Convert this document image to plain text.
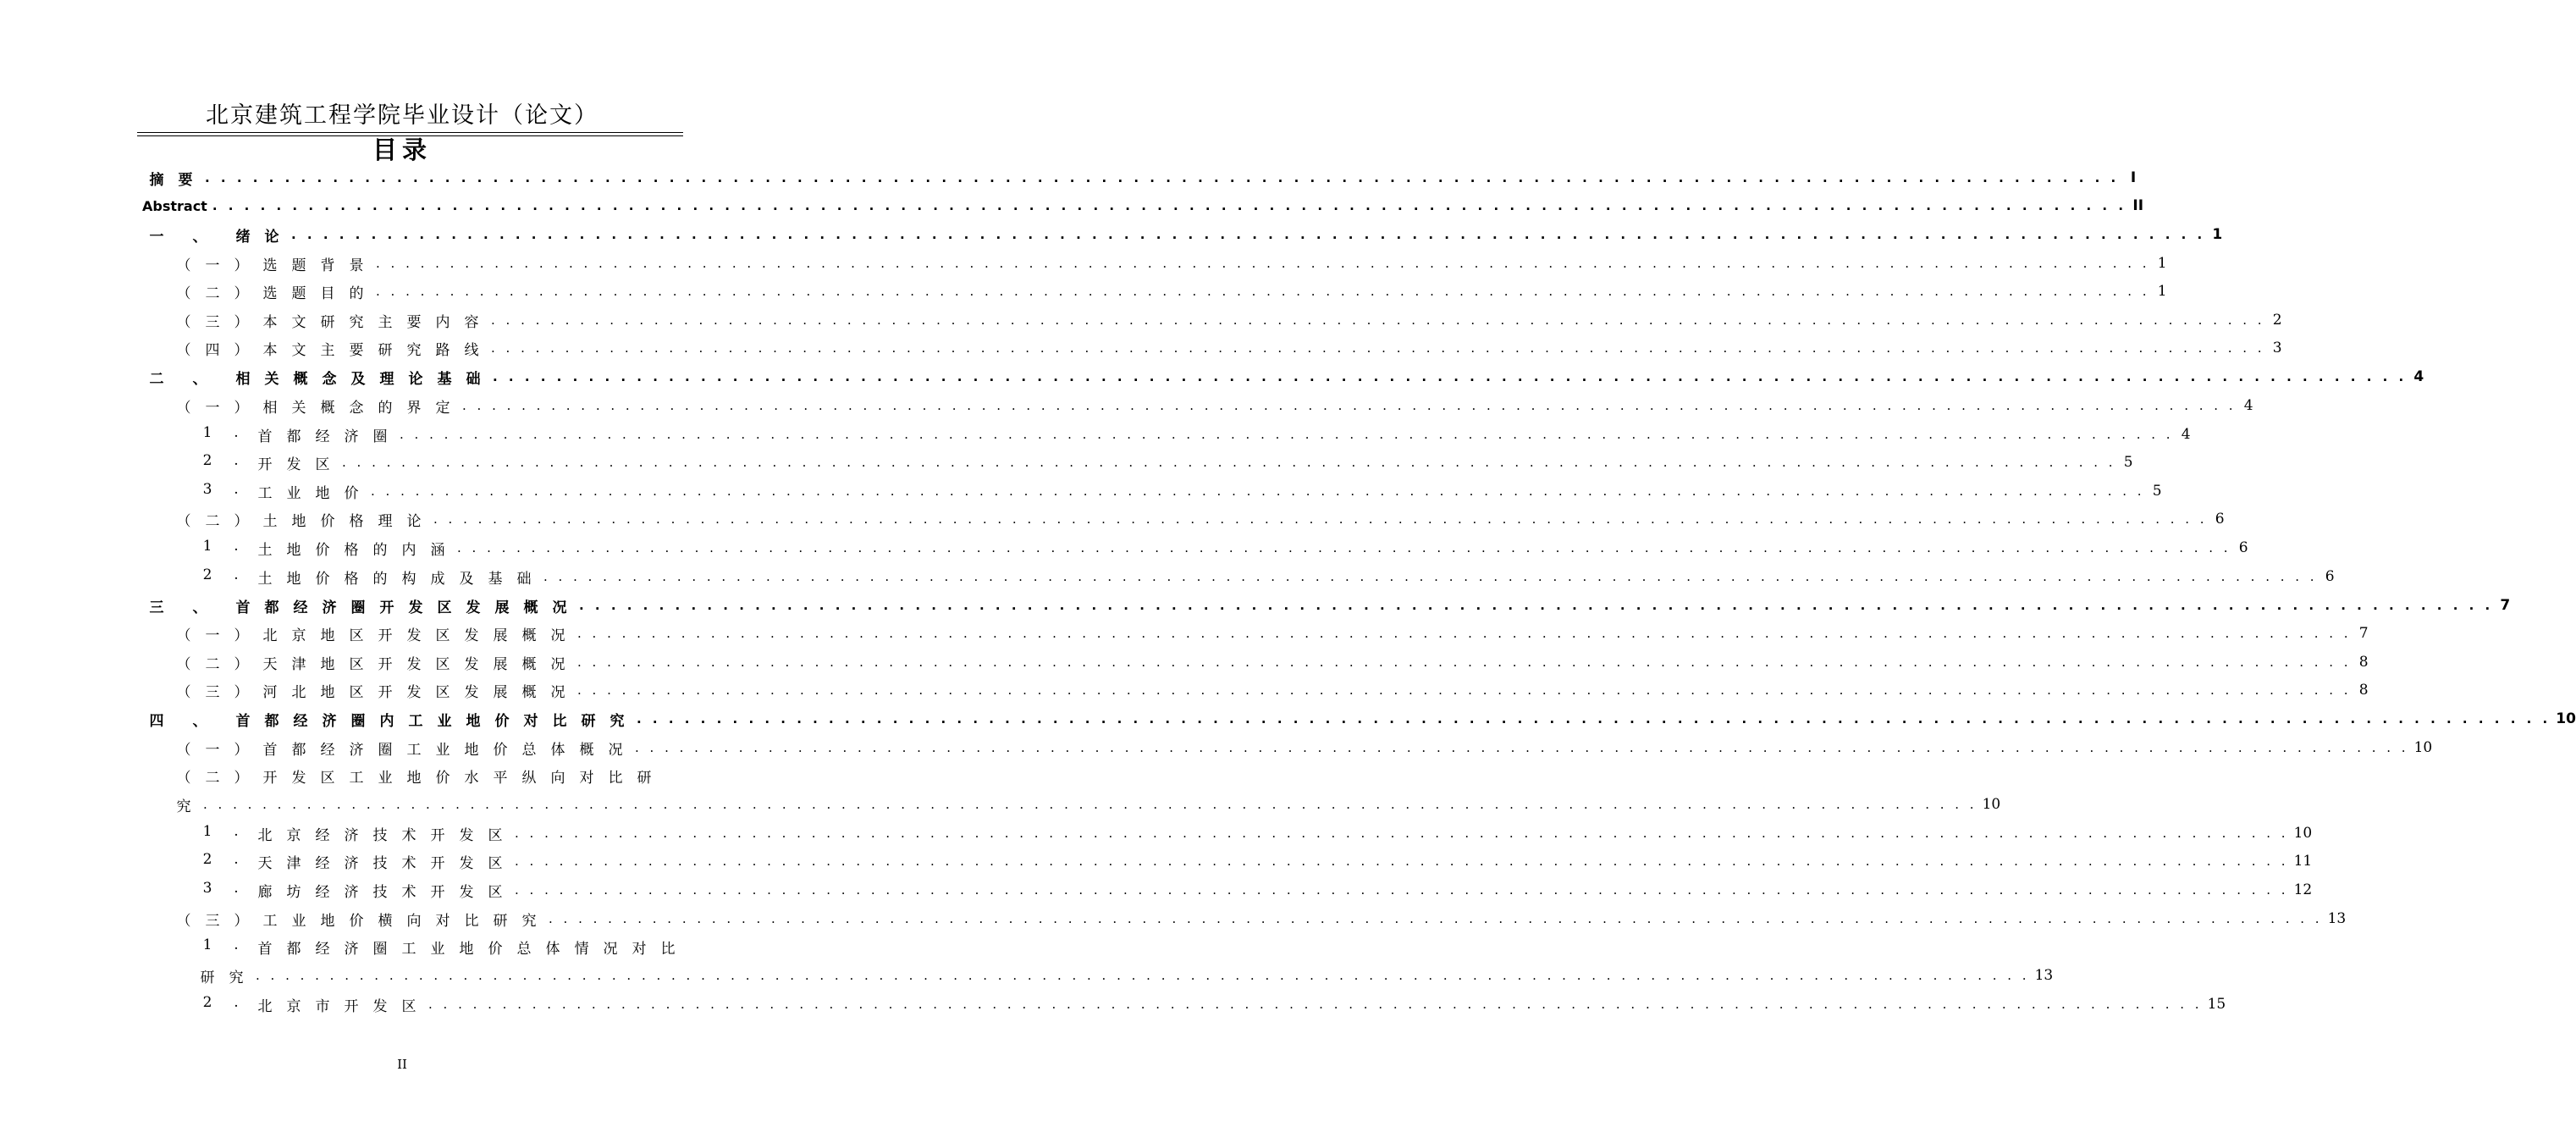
北京建筑工程学院毕业设计（论文）
目录
摘	要 . . . . . . . . . . . . . . . . . . . . . . . . . . . . . . . . . . . . . . . . . . . . . . . . . . . . . . . . . . . . . . . . . . . . . . . . . . . . . . . . . . . . . . . . . . . . . . . . . . . . . . . . . . . . . . . . . . . . . . . . I
Abstract . . . . . . . . . . . . . . . . . . . . . . . . . . . . . . . . . . . . . . . . . . . . . . . . . . . . . . . . . . . . . . . . . . . . . . . . . . . . . . . . . . . . . . . . . . . . . . . . . . . . . . . . . . . . . . . . . . . . . . . . II
一	、	绪	论 . . . . . . . . . . . . . . . . . . . . . . . . . . . . . . . . . . . . . . . . . . . . . . . . . . . . . . . . . . . . . . . . . . . . . . . . . . . . . . . . . . . . . . . . . . . . . . . . . . . . . . . . . . . . . . . . . . . . . . . . 1
（	一	）	选	题	背	景 . . . . . . . . . . . . . . . . . . . . . . . . . . . . . . . . . . . . . . . . . . . . . . . . . . . . . . . . . . . . . . . . . . . . . . . . . . . . . . . . . . . . . . . . . . . . . . . . . . . . . . . . . . . . . . . . . . . . . . . . 1
（	二	）	选	题	目	的 . . . . . . . . . . . . . . . . . . . . . . . . . . . . . . . . . . . . . . . . . . . . . . . . . . . . . . . . . . . . . . . . . . . . . . . . . . . . . . . . . . . . . . . . . . . . . . . . . . . . . . . . . . . . . . . . . . . . . . . . 1
（	三	）	本	文	研	究	主	要	内	容 . . . . . . . . . . . . . . . . . . . . . . . . . . . . . . . . . . . . . . . . . . . . . . . . . . . . . . . . . . . . . . . . . . . . . . . . . . . . . . . . . . . . . . . . . . . . . . . . . . . . . . . . . . . . . . . . . . . . . . . . 2
（	四	）	本	文	主	要	研	究	路	线 . . . . . . . . . . . . . . . . . . . . . . . . . . . . . . . . . . . . . . . . . . . . . . . . . . . . . . . . . . . . . . . . . . . . . . . . . . . . . . . . . . . . . . . . . . . . . . . . . . . . . . . . . . . . . . . . . . . . . . . . 3
二	、	相	关	概	念	及	理	论	基	础 . . . . . . . . . . . . . . . . . . . . . . . . . . . . . . . . . . . . . . . . . . . . . . . . . . . . . . . . . . . . . . . . . . . . . . . . . . . . . . . . . . . . . . . . . . . . . . . . . . . . . . . . . . . . . . . . . . . . . . . . 4
（	一	）	相	关	概	念	的	界	定 . . . . . . . . . . . . . . . . . . . . . . . . . . . . . . . . . . . . . . . . . . . . . . . . . . . . . . . . . . . . . . . . . . . . . . . . . . . . . . . . . . . . . . . . . . . . . . . . . . . . . . . . . . . . . . . . . . . . . . . . 4
1	.	首	都	经	济	圈 . . . . . . . . . . . . . . . . . . . . . . . . . . . . . . . . . . . . . . . . . . . . . . . . . . . . . . . . . . . . . . . . . . . . . . . . . . . . . . . . . . . . . . . . . . . . . . . . . . . . . . . . . . . . . . . . . . . . . . . . 4
2	.	开	发	区 . . . . . . . . . . . . . . . . . . . . . . . . . . . . . . . . . . . . . . . . . . . . . . . . . . . . . . . . . . . . . . . . . . . . . . . . . . . . . . . . . . . . . . . . . . . . . . . . . . . . . . . . . . . . . . . . . . . . . . . . 5
3	.	工	业	地	价 . . . . . . . . . . . . . . . . . . . . . . . . . . . . . . . . . . . . . . . . . . . . . . . . . . . . . . . . . . . . . . . . . . . . . . . . . . . . . . . . . . . . . . . . . . . . . . . . . . . . . . . . . . . . . . . . . . . . . . . . 5
（	二	）	土	地	价	格	理	论 . . . . . . . . . . . . . . . . . . . . . . . . . . . . . . . . . . . . . . . . . . . . . . . . . . . . . . . . . . . . . . . . . . . . . . . . . . . . . . . . . . . . . . . . . . . . . . . . . . . . . . . . . . . . . . . . . . . . . . . . 6
1	.	土	地	价	格	的	内	涵 . . . . . . . . . . . . . . . . . . . . . . . . . . . . . . . . . . . . . . . . . . . . . . . . . . . . . . . . . . . . . . . . . . . . . . . . . . . . . . . . . . . . . . . . . . . . . . . . . . . . . . . . . . . . . . . . . . . . . . . . 6
2	.	土	地	价	格	的	构	成	及	基	础 . . . . . . . . . . . . . . . . . . . . . . . . . . . . . . . . . . . . . . . . . . . . . . . . . . . . . . . . . . . . . . . . . . . . . . . . . . . . . . . . . . . . . . . . . . . . . . . . . . . . . . . . . . . . . . . . . . . . . . . . 6
三	、	首	都	经	济	圈	开	发	区	发	展	概	况 . . . . . . . . . . . . . . . . . . . . . . . . . . . . . . . . . . . . . . . . . . . . . . . . . . . . . . . . . . . . . . . . . . . . . . . . . . . . . . . . . . . . . . . . . . . . . . . . . . . . . . . . . . . . . . . . . . . . . . . . 7
（	一	）	北	京	地	区	开	发	区	发	展	概	况 . . . . . . . . . . . . . . . . . . . . . . . . . . . . . . . . . . . . . . . . . . . . . . . . . . . . . . . . . . . . . . . . . . . . . . . . . . . . . . . . . . . . . . . . . . . . . . . . . . . . . . . . . . . . . . . . . . . . . . . . 7
（	二	）	天	津	地	区	开	发	区	发	展	概	况 . . . . . . . . . . . . . . . . . . . . . . . . . . . . . . . . . . . . . . . . . . . . . . . . . . . . . . . . . . . . . . . . . . . . . . . . . . . . . . . . . . . . . . . . . . . . . . . . . . . . . . . . . . . . . . . . . . . . . . . . 8
（	三	）	河	北	地	区	开	发	区	发	展	概	况 . . . . . . . . . . . . . . . . . . . . . . . . . . . . . . . . . . . . . . . . . . . . . . . . . . . . . . . . . . . . . . . . . . . . . . . . . . . . . . . . . . . . . . . . . . . . . . . . . . . . . . . . . . . . . . . . . . . . . . . . 8
四	、	首	都	经	济	圈	内	工	业	地	价	对	比	研	究 . . . . . . . . . . . . . . . . . . . . . . . . . . . . . . . . . . . . . . . . . . . . . . . . . . . . . . . . . . . . . . . . . . . . . . . . . . . . . . . . . . . . . . . . . . . . . . . . . . . . . . . . . . . . . . . . . . . . . . . . 10
（	一	）	首	都	经	济	圈	工	业	地	价	总	体	概	况 . . . . . . . . . . . . . . . . . . . . . . . . . . . . . . . . . . . . . . . . . . . . . . . . . . . . . . . . . . . . . . . . . . . . . . . . . . . . . . . . . . . . . . . . . . . . . . . . . . . . . . . . . . . . . . . . . . . . . . . . 10
（	二	）	开	发	区	工	业	地	价	水	平	纵	向	对	比	研
究 . . . . . . . . . . . . . . . . . . . . . . . . . . . . . . . . . . . . . . . . . . . . . . . . . . . . . . . . . . . . . . . . . . . . . . . . . . . . . . . . . . . . . . . . . . . . . . . . . . . . . . . . . . . . . . . . . . . . . . . . 10
1	.	北	京	经	济	技	术	开	发	区 . . . . . . . . . . . . . . . . . . . . . . . . . . . . . . . . . . . . . . . . . . . . . . . . . . . . . . . . . . . . . . . . . . . . . . . . . . . . . . . . . . . . . . . . . . . . . . . . . . . . . . . . . . . . . . . . . . . . . . . . 10
2	.	天	津	经	济	技	术	开	发	区 . . . . . . . . . . . . . . . . . . . . . . . . . . . . . . . . . . . . . . . . . . . . . . . . . . . . . . . . . . . . . . . . . . . . . . . . . . . . . . . . . . . . . . . . . . . . . . . . . . . . . . . . . . . . . . . . . . . . . . . . 11
3	.	廊	坊	经	济	技	术	开	发	区 . . . . . . . . . . . . . . . . . . . . . . . . . . . . . . . . . . . . . . . . . . . . . . . . . . . . . . . . . . . . . . . . . . . . . . . . . . . . . . . . . . . . . . . . . . . . . . . . . . . . . . . . . . . . . . . . . . . . . . . . 12
（	三	）	工	业	地	价	横	向	对	比	研	究 . . . . . . . . . . . . . . . . . . . . . . . . . . . . . . . . . . . . . . . . . . . . . . . . . . . . . . . . . . . . . . . . . . . . . . . . . . . . . . . . . . . . . . . . . . . . . . . . . . . . . . . . . . . . . . . . . . . . . . . . 13
1	.	首	都	经	济	圈	工	业	地	价	总	体	情	况	对	比
研	究 . . . . . . . . . . . . . . . . . . . . . . . . . . . . . . . . . . . . . . . . . . . . . . . . . . . . . . . . . . . . . . . . . . . . . . . . . . . . . . . . . . . . . . . . . . . . . . . . . . . . . . . . . . . . . . . . . . . . . . . . 13
2	.	北	京	市	开	发	区 . . . . . . . . . . . . . . . . . . . . . . . . . . . . . . . . . . . . . . . . . . . . . . . . . . . . . . . . . . . . . . . . . . . . . . . . . . . . . . . . . . . . . . . . . . . . . . . . . . . . . . . . . . . . . . . . . . . . . . . . 15
II
